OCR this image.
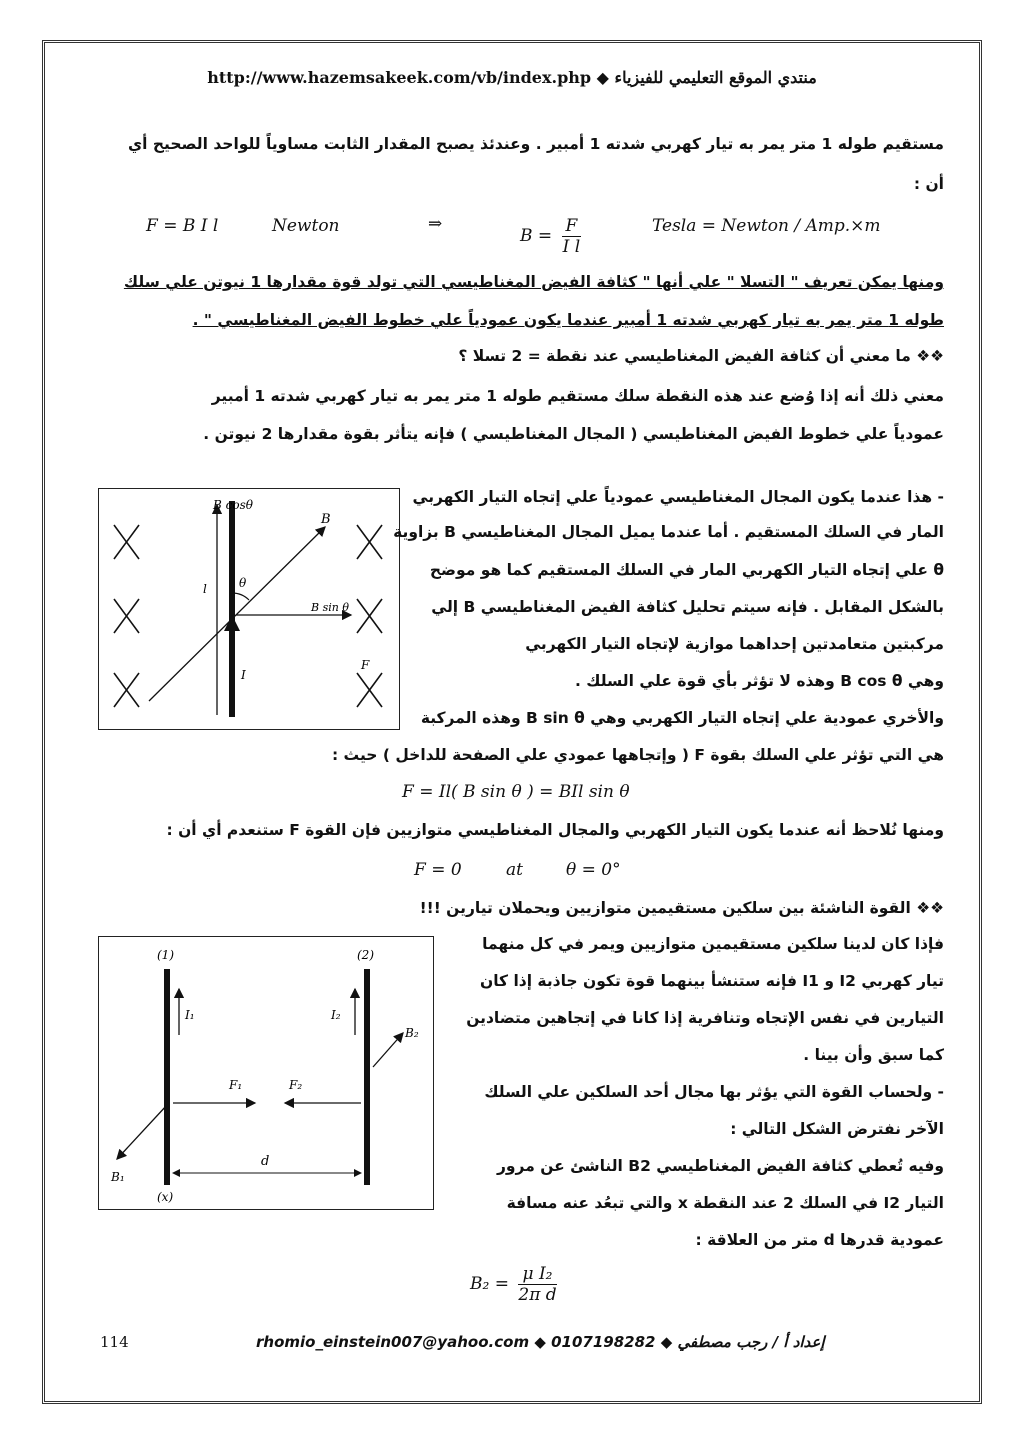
http://www.hazemsakeek.com/vb/index.php ◆ منتدي الموقع التعليمي للفيزياء
مستقيم طوله 1 متر يمر به تيار كهربي شدته 1 أمبير . وعندئذ يصبح المقدار الثابت مساوياً للواحد الصحيح أي
أن :
F = B I l	Newton	⇒
$B = \frac{F}{\text{I l}}$	Tesla = Newton / Amp.×m
ومنها يمكن تعريف " التسلا " علي أنها " كثافة الفيض المغناطيسي التي تولد قوة مقدارها 1 نيوتن علي سلك
طوله 1 متر يمر به تيار كهربي شدته 1 أمبير عندما يكون عمودياً علي خطوط الفيض المغناطيسي " .
❖❖ ما معني أن كثافة الفيض المغناطيسي عند نقطة = 2 تسلا ؟
معني ذلك أنه إذا وُضع عند هذه النقطة سلك مستقيم طوله 1 متر يمر به تيار كهربي شدته 1 أمبير
عمودياً علي خطوط الفيض المغناطيسي ( المجال المغناطيسي ) فإنه يتأثر بقوة مقدارها 2 نيوتن .
B cosθ
B
θ
l
B sin θ
I
F
- هذا عندما يكون المجال المغناطيسي عمودياً علي إتجاه التيار الكهربي
المار في السلك المستقيم . أما عندما يميل المجال المغناطيسي B بزاوية
θ علي إتجاه التيار الكهربي المار في السلك المستقيم كما هو موضح
بالشكل المقابل . فإنه سيتم تحليل كثافة الفيض المغناطيسي B إلي
مركبتين متعامدتين إحداهما موازية لإتجاه التيار الكهربي
وهي B cos θ وهذه لا تؤثر بأي قوة علي السلك .
والأخري عمودية علي إتجاه التيار الكهربي وهي B sin θ وهذه المركبة
هي التي تؤثر علي السلك بقوة F ( وإتجاهها عمودي علي الصفحة للداخل ) حيث :
F = Il( B sin θ ) = BIl sin θ
ومنها نُلاحظ أنه عندما يكون التيار الكهربي والمجال المغناطيسي متوازيين فإن القوة F ستنعدم أي أن :
F = 0	at	θ = 0°
❖❖ القوة الناشئة بين سلكين مستقيمين متوازيين ويحملان تيارين !!!
(1)	(2)
I₁	I₂
B₂
F₁	F₂
d
B₁
(x)
فإذا كان لدينا سلكين مستقيمين متوازيين ويمر في كل منهما
تيار كهربي I2 و I1 فإنه ستنشأ بينهما قوة تكون جاذبة إذا كان
التيارين في نفس الإتجاه وتنافرية إذا كانا في إتجاهين متضادين
كما سبق وأن بينا .
- ولحساب القوة التي يؤثر بها مجال أحد السلكين علي السلك
الآخر نفترض الشكل التالي :
وفيه تُعطي كثافة الفيض المغناطيسي B2 الناشئ عن مرور
التيار I2 في السلك 2 عند النقطة x والتي تبعُد عنه مسافة
عمودية قدرها d متر من العلاقة :
$B_2 = \frac{\text{μ I₂}}{\text{2π d}}$
114	rhomio_einstein007@yahoo.com ◆ 0107198282 ◆ إعداد أ / رجب مصطفي
